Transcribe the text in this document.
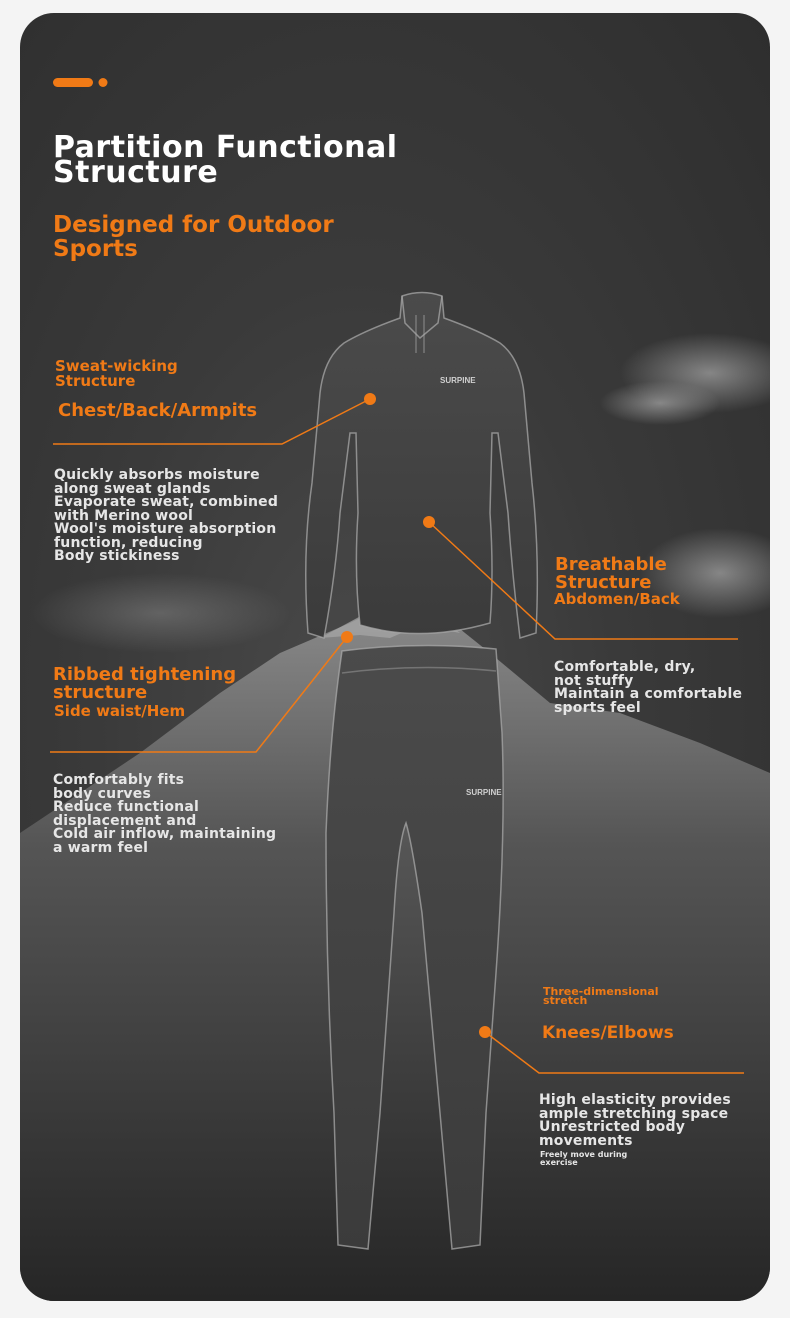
SURPINE
SURPINE
Partition Functional
Structure
Designed for Outdoor
Sports
Sweat-wicking
Structure
Chest/Back/Armpits
Quickly absorbs moisture
along sweat glands
Evaporate sweat, combined
with Merino wool
Wool's moisture absorption
function, reducing
Body stickiness	Breathable
Structure
Abdomen/Back
Comfortable, dry,
not stuffy
Maintain a comfortable
sports feel
Ribbed tightening
structure
Side waist/Hem
Comfortably fits
body curves
Reduce functional
displacement and
Cold air inflow, maintaining
a warm feel
Three-dimensional
stretch
Knees/Elbows
High elasticity provides
ample stretching space
Unrestricted body
movements
Freely move during
exercise
